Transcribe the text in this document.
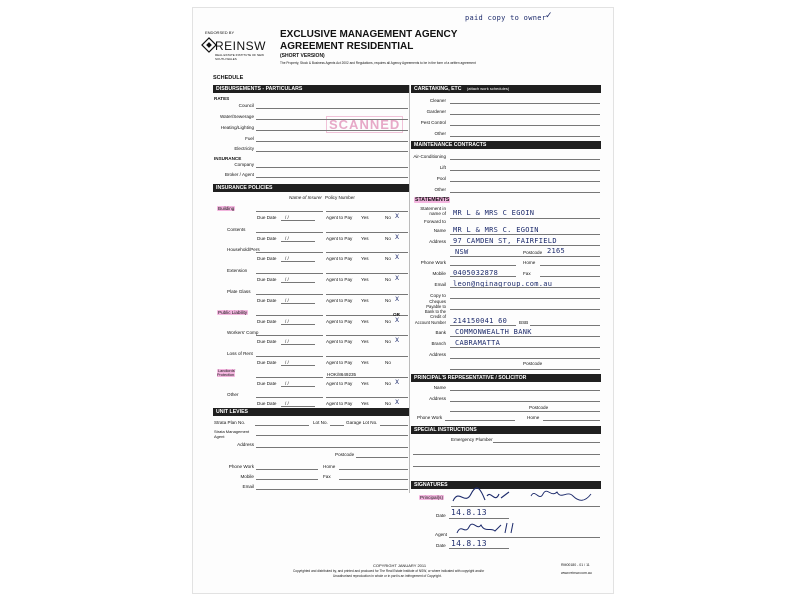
paid copy to owner
✓
ENDORSED BY
REINSW
REAL ESTATE INSTITUTE OF NEW SOUTH WALES
EXCLUSIVE MANAGEMENT AGENCY
AGREEMENT RESIDENTIAL
(SHORT VERSION)
The Property, Stock & Business Agents Act 2002 and Regulations, requires all Agency Agreements to be in the form of a written agreement
SCANNED
SCHEDULE
DISBURSEMENTS - PARTICULARS
RATES
Council
Water/Sewerage
Heating/Lighting
Fuel
Electricity
INSURANCE
Company
Broker / Agent
INSURANCE POLICIES
Name of Insurer Policy Number
Building
Due Date / /	Agent to Pay Yes	No X
Contents
Due Date / /	Agent to Pay Yes	No X
Household/Pers
Due Date / /	Agent to Pay Yes	No X
Extension
Due Date / /	Agent to Pay Yes	No X
Plate Glass
Due Date / /	Agent to Pay Yes	No X
Public Liability
Due Date / /	Agent to Pay Yes	No X
Workers' Comp
Due Date / /	Agent to Pay Yes	No X
Loss of Rent
Due Date / /	Agent to Pay Yes	No
Landlords' Protection	HOK/8649235
Due Date / /	Agent to Pay Yes	No X
Other
Due Date / /	Agent to Pay Yes	No X
UNIT LEVIES
Strata Plan No.	Lot No.	Garage Lot No.
Strata Management Agent
Address
Postcode
Phone Work	Home
Mobile	Fax
Email
CARETAKING, ETC (attach work schedules)
Cleaner
Gardener
Pest Control
Other
MAINTENANCE CONTRACTS
Air-Conditioning
Lift
Pool
Other
STATEMENTS
Statement in name of MR L & MRS C EGOIN
Forward to
Name MR L & MRS C. EGOIN
Address 97 CAMDEN ST, FAIRFIELD
NSW	Postcode 2165
Phone Work	Home
Mobile 0405032878	Fax
Email leon@nginagroup.com.au
Copy to
Cheques Payable to
OR
Bank to the Credit of
Account Number 214150041 60	BSB
Bank COMMONWEALTH BANK
Branch CABRAMATTA
Address
Postcode
PRINCIPAL'S REPRESENTATIVE / SOLICITOR
Name
Address
Postcode
Phone Work	Home
SPECIAL INSTRUCTIONS
Emergency Plumber
SIGNATURES
Principal(s)
Date 14.8.13
Agent
Date 14.8.13
COPYRIGHT JANUARY 2011
Copyrighted and distributed by, and printed and produced for The Real Estate Institute of NSW, or where indicated with copyright and/or
Unauthorised reproduction in whole or in part is an infringement of Copyright.
RM00180 - 01 / 11
www.reinsw.com.au
